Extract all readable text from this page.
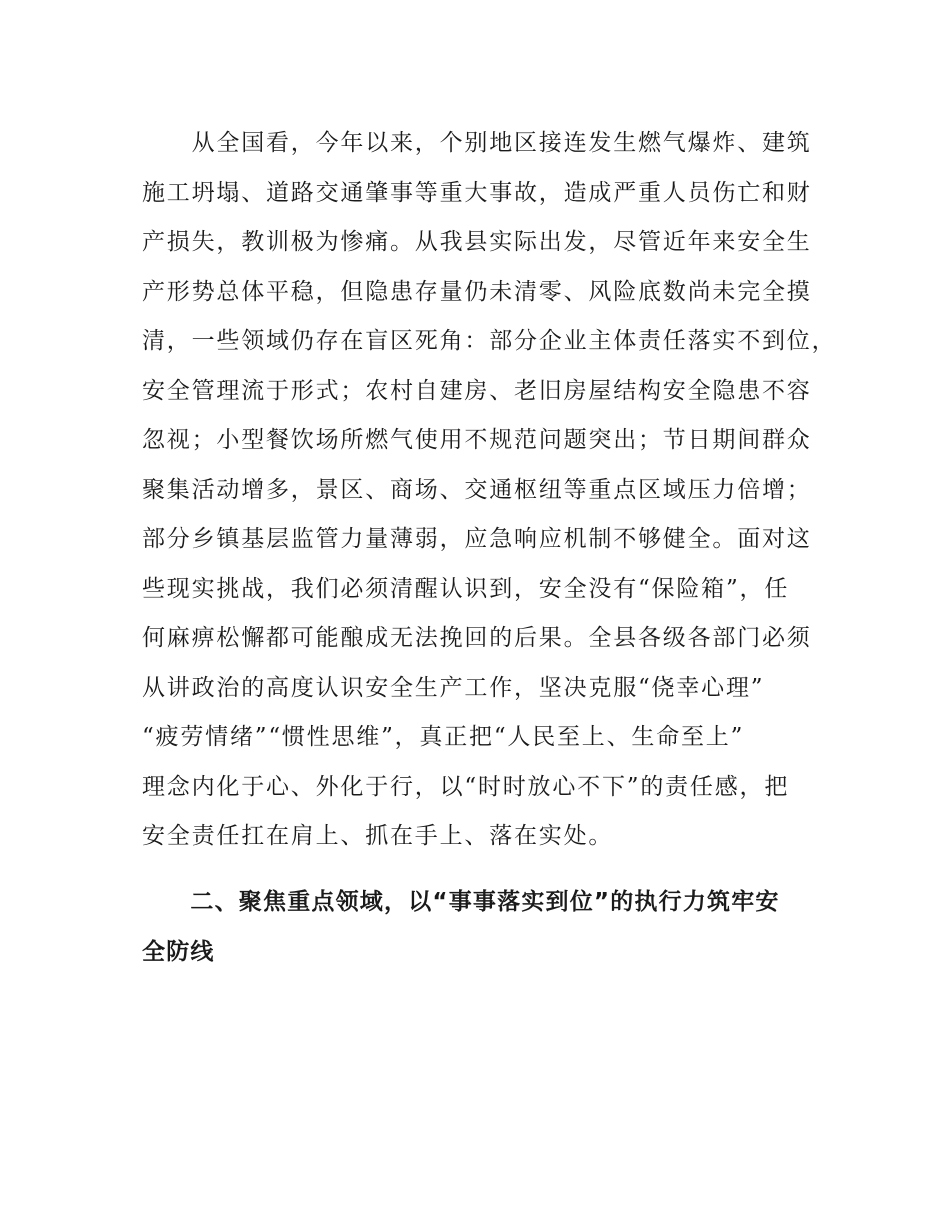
　　从全国看，今年以来，个别地区接连发生燃气爆炸、建筑
施工坍塌、道路交通肇事等重大事故，造成严重人员伤亡和财
产损失，教训极为惨痛。从我县实际出发，尽管近年来安全生
产形势总体平稳，但隐患存量仍未清零、风险底数尚未完全摸
清，一些领域仍存在盲区死角：部分企业主体责任落实不到位，
安全管理流于形式；农村自建房、老旧房屋结构安全隐患不容
忽视；小型餐饮场所燃气使用不规范问题突出；节日期间群众
聚集活动增多，景区、商场、交通枢纽等重点区域压力倍增；
部分乡镇基层监管力量薄弱，应急响应机制不够健全。面对这
些现实挑战，我们必须清醒认识到，安全没有“保险箱”，任
何麻痹松懈都可能酿成无法挽回的后果。全县各级各部门必须
从讲政治的高度认识安全生产工作，坚决克服“侥幸心理”
“疲劳情绪”“惯性思维”，真正把“人民至上、生命至上”
理念内化于心、外化于行，以“时时放心不下”的责任感，把
安全责任扛在肩上、抓在手上、落在实处。
　　二、聚焦重点领域，以“事事落实到位”的执行力筑牢安
全防线
